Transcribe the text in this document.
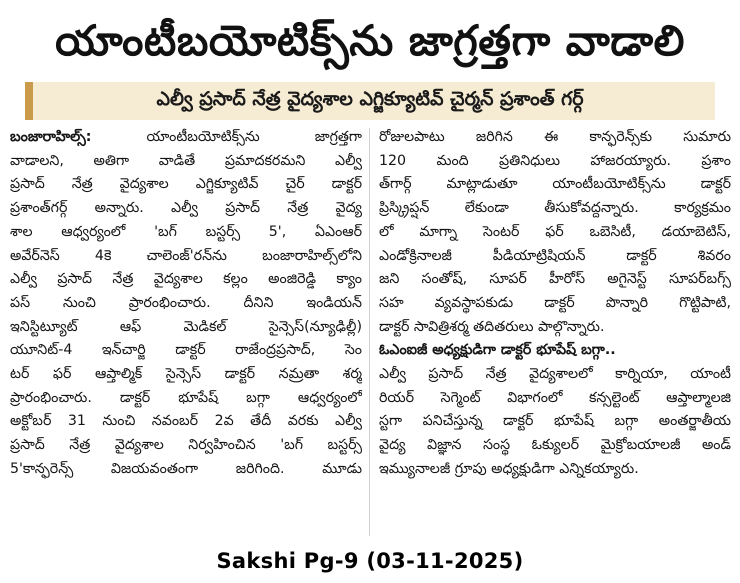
యాంటీబయోటిక్స్‌ను జాగ్రత్తగా వాడాలి
ఎల్వీ ప్రసాద్‌ నేత్ర వైద్యశాల ఎగ్జిక్యూటివ్‌ చైర్మన్‌ ప్రశాంత్‌ గర్గ్‌
బంజారాహిల్స్‌: యాంటీబయోటిక్స్‌ను జాగ్రత్తగా
వాడాలని, అతిగా వాడితే ప్రమాదకరమని ఎల్వీ
ప్రసాద్‌ నేత్ర వైద్యశాల ఎగ్జిక్యూటివ్‌ చైర్‌ డాక్టర్‌
ప్రశాంత్‌గర్గ్‌ అన్నారు. ఎల్వీ ప్రసాద్‌ నేత్ర వైద్య
శాల ఆధ్వర్యంలో 'బగ్‌ బస్టర్స్‌ 5', ఏఎంఆర్‌
అవేర్‌నెస్‌ 4కె చాలెంజ్‌'రన్‌ను బంజారాహిల్స్‌లోని
ఎల్వీ ప్రసాద్‌ నేత్ర వైద్యశాల కల్లం అంజిరెడ్డి క్యాం
పస్‌ నుంచి ప్రారంభించారు. దీనిని ఇండియన్‌
ఇనిస్టిట్యూట్‌ ఆఫ్‌ మెడికల్‌ సైన్సెస్‌(న్యూఢిల్లీ)
యూనిట్‌-4 ఇన్‌చార్జి డాక్టర్‌ రాజేంద్రప్రసాద్‌, సెం
టర్‌ ఫర్‌ ఆప్తాల్మిక్‌ సైన్సెస్‌ డాక్టర్‌ నమ్రతా శర్మ
ప్రారంభించారు. డాక్టర్‌ భూపేష్‌ బగ్గా ఆధ్వర్యంలో
అక్టోబర్‌ 31 నుంచి నవంబర్‌ 2వ తేదీ వరకు ఎల్వీ
ప్రసాద్‌ నేత్ర వైద్యశాల నిర్వహించిన 'బగ్‌ బస్టర్స్‌
5'కాన్ఫరెన్స్‌ విజయవంతంగా జరిగింది. మూడు
రోజులపాటు జరిగిన ఈ కాన్ఫరెన్స్‌కు సుమారు
120 మంది ప్రతినిధులు హాజరయ్యారు. ప్రశాం
త్‌గార్గ్‌ మాట్లాడుతూ యాంటీబయోటిక్స్‌ను డాక్టర్‌
ప్రిస్క్రిప్షన్‌ లేకుండా తీసుకోవద్దన్నారు. కార్యక్రమం
లో మాగ్నా సెంటర్‌ ఫర్‌ ఒబెసిటీ, డయాబెటిస్‌,
ఎండోక్రినాలజీ పీడియాట్రిషియన్‌ డాక్టర్‌ శివరం
జని సంతోష్‌, సూపర్‌ హీరోస్‌ అగైనెస్ట్‌ సూపర్‌బగ్స్‌
సహ వ్యవస్థాపకుడు డాక్టర్‌ పొన్నారి గొట్టిపాటి,
డాక్టర్‌ సావిత్రిశర్మ తదితరులు పాల్గొన్నారు.
ఓఎంఐజీ అధ్యక్షుడిగా డాక్టర్‌ భూపేష్‌ బగ్గా..
ఎల్వీ ప్రసాద్‌ నేత్ర వైద్యశాలలో కార్నియా, యాంటీ
రియర్‌ సెగ్మెంట్‌ విభాగంలో కన్సల్టెంట్‌ ఆప్తాల్మాలజి
స్టగా పనిచేస్తున్న డాక్టర్‌ భూపేష్‌ బగ్గా అంతర్జాతీయ
వైద్య విజ్ఞాన సంస్థ ఓక్యులర్‌ మైక్రోబయాలజీ అండ్‌
ఇమ్యునాలజీ గ్రూపు అధ్యక్షుడిగా ఎన్నికయ్యారు.
Sakshi Pg-9 (03-11-2025)
